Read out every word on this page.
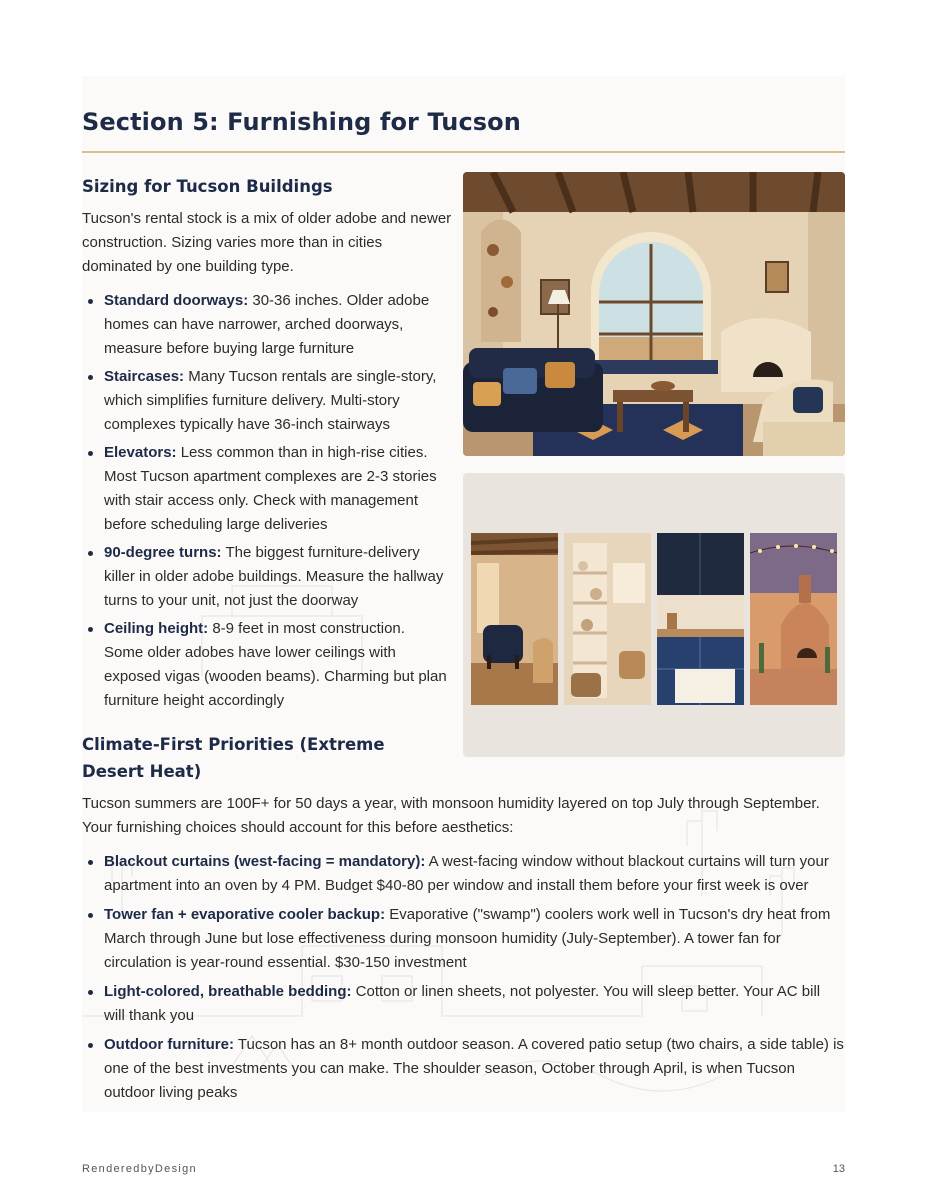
Section 5: Furnishing for Tucson
Sizing for Tucson Buildings

Tucson's rental stock is a mix of older adobe and newer construction. Sizing varies more than in cities dominated by one building type.

Standard doorways: 30-36 inches. Older adobe homes can have narrower, arched doorways, measure before buying large furniture
Staircases: Many Tucson rentals are single-story, which simplifies furniture delivery. Multi-story complexes typically have 36-inch stairways
Elevators: Less common than in high-rise cities. Most Tucson apartment complexes are 2-3 stories with stair access only. Check with management before scheduling large deliveries
90-degree turns: The biggest furniture-delivery killer in older adobe buildings. Measure the hallway turns to your unit, not just the doorway
Ceiling height: 8-9 feet in most construction. Some older adobes have lower ceilings with exposed vigas (wooden beams). Charming but plan furniture height accordingly
Climate-First Priorities (Extreme Desert Heat)

Tucson summers are 100F+ for 50 days a year, with monsoon humidity layered on top July through September. Your furnishing choices should account for this before aesthetics:

Blackout curtains (west-facing = mandatory): A west-facing window without blackout curtains will turn your apartment into an oven by 4 PM. Budget $40-80 per window and install them before your first week is over
Tower fan + evaporative cooler backup: Evaporative ("swamp") coolers work well in Tucson's dry heat from March through June but lose effectiveness during monsoon humidity (July-September). A tower fan for circulation is year-round essential. $30-150 investment
Light-colored, breathable bedding: Cotton or linen sheets, not polyester. You will sleep better. Your AC bill will thank you
Outdoor furniture: Tucson has an 8+ month outdoor season. A covered patio setup (two chairs, a side table) is one of the best investments you can make. The shoulder season, October through April, is when Tucson outdoor living peaks
RenderedbyDesign	13
